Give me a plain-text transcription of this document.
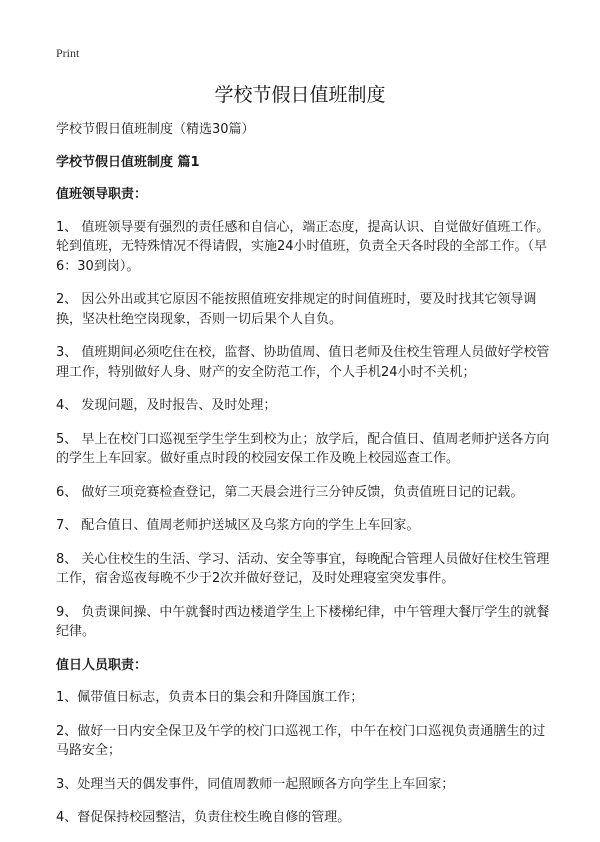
Print
学校节假日值班制度

学校节假日值班制度（精选30篇）

学校节假日值班制度 篇1

值班领导职责：

1、 值班领导要有强烈的责任感和自信心，端正态度，提高认识、自觉做好值班工作。轮到值班，无特殊情况不得请假，实施24小时值班，负责全天各时段的全部工作。（早6：30到岗）。

2、 因公外出或其它原因不能按照值班安排规定的时间值班时，要及时找其它领导调换，坚决杜绝空岗现象，否则一切后果个人自负。

3、 值班期间必须吃住在校，监督、协助值周、值日老师及住校生管理人员做好学校管理工作，特别做好人身、财产的安全防范工作，个人手机24小时不关机；

4、 发现问题，及时报告、及时处理；

5、 早上在校门口巡视至学生学生到校为止；放学后，配合值日、值周老师护送各方向的学生上车回家。做好重点时段的校园安保工作及晚上校园巡查工作。

6、 做好三项竞赛检查登记，第二天晨会进行三分钟反馈，负责值班日记的记载。

7、 配合值日、值周老师护送城区及乌浆方向的学生上车回家。

8、 关心住校生的生活、学习、活动、安全等事宜，每晚配合管理人员做好住校生管理工作，宿舍巡夜每晚不少于2次并做好登记，及时处理寝室突发事件。

9、 负责课间操、中午就餐时西边楼道学生上下楼梯纪律，中午管理大餐厅学生的就餐纪律。

值日人员职责：

1、佩带值日标志，负责本日的集会和升降国旗工作；

2、做好一日内安全保卫及午学的校门口巡视工作，中午在校门口巡视负责通膳生的过马路安全；

3、处理当天的偶发事件，同值周教师一起照顾各方向学生上车回家；

4、督促保持校园整洁，负责住校生晚自修的管理。
